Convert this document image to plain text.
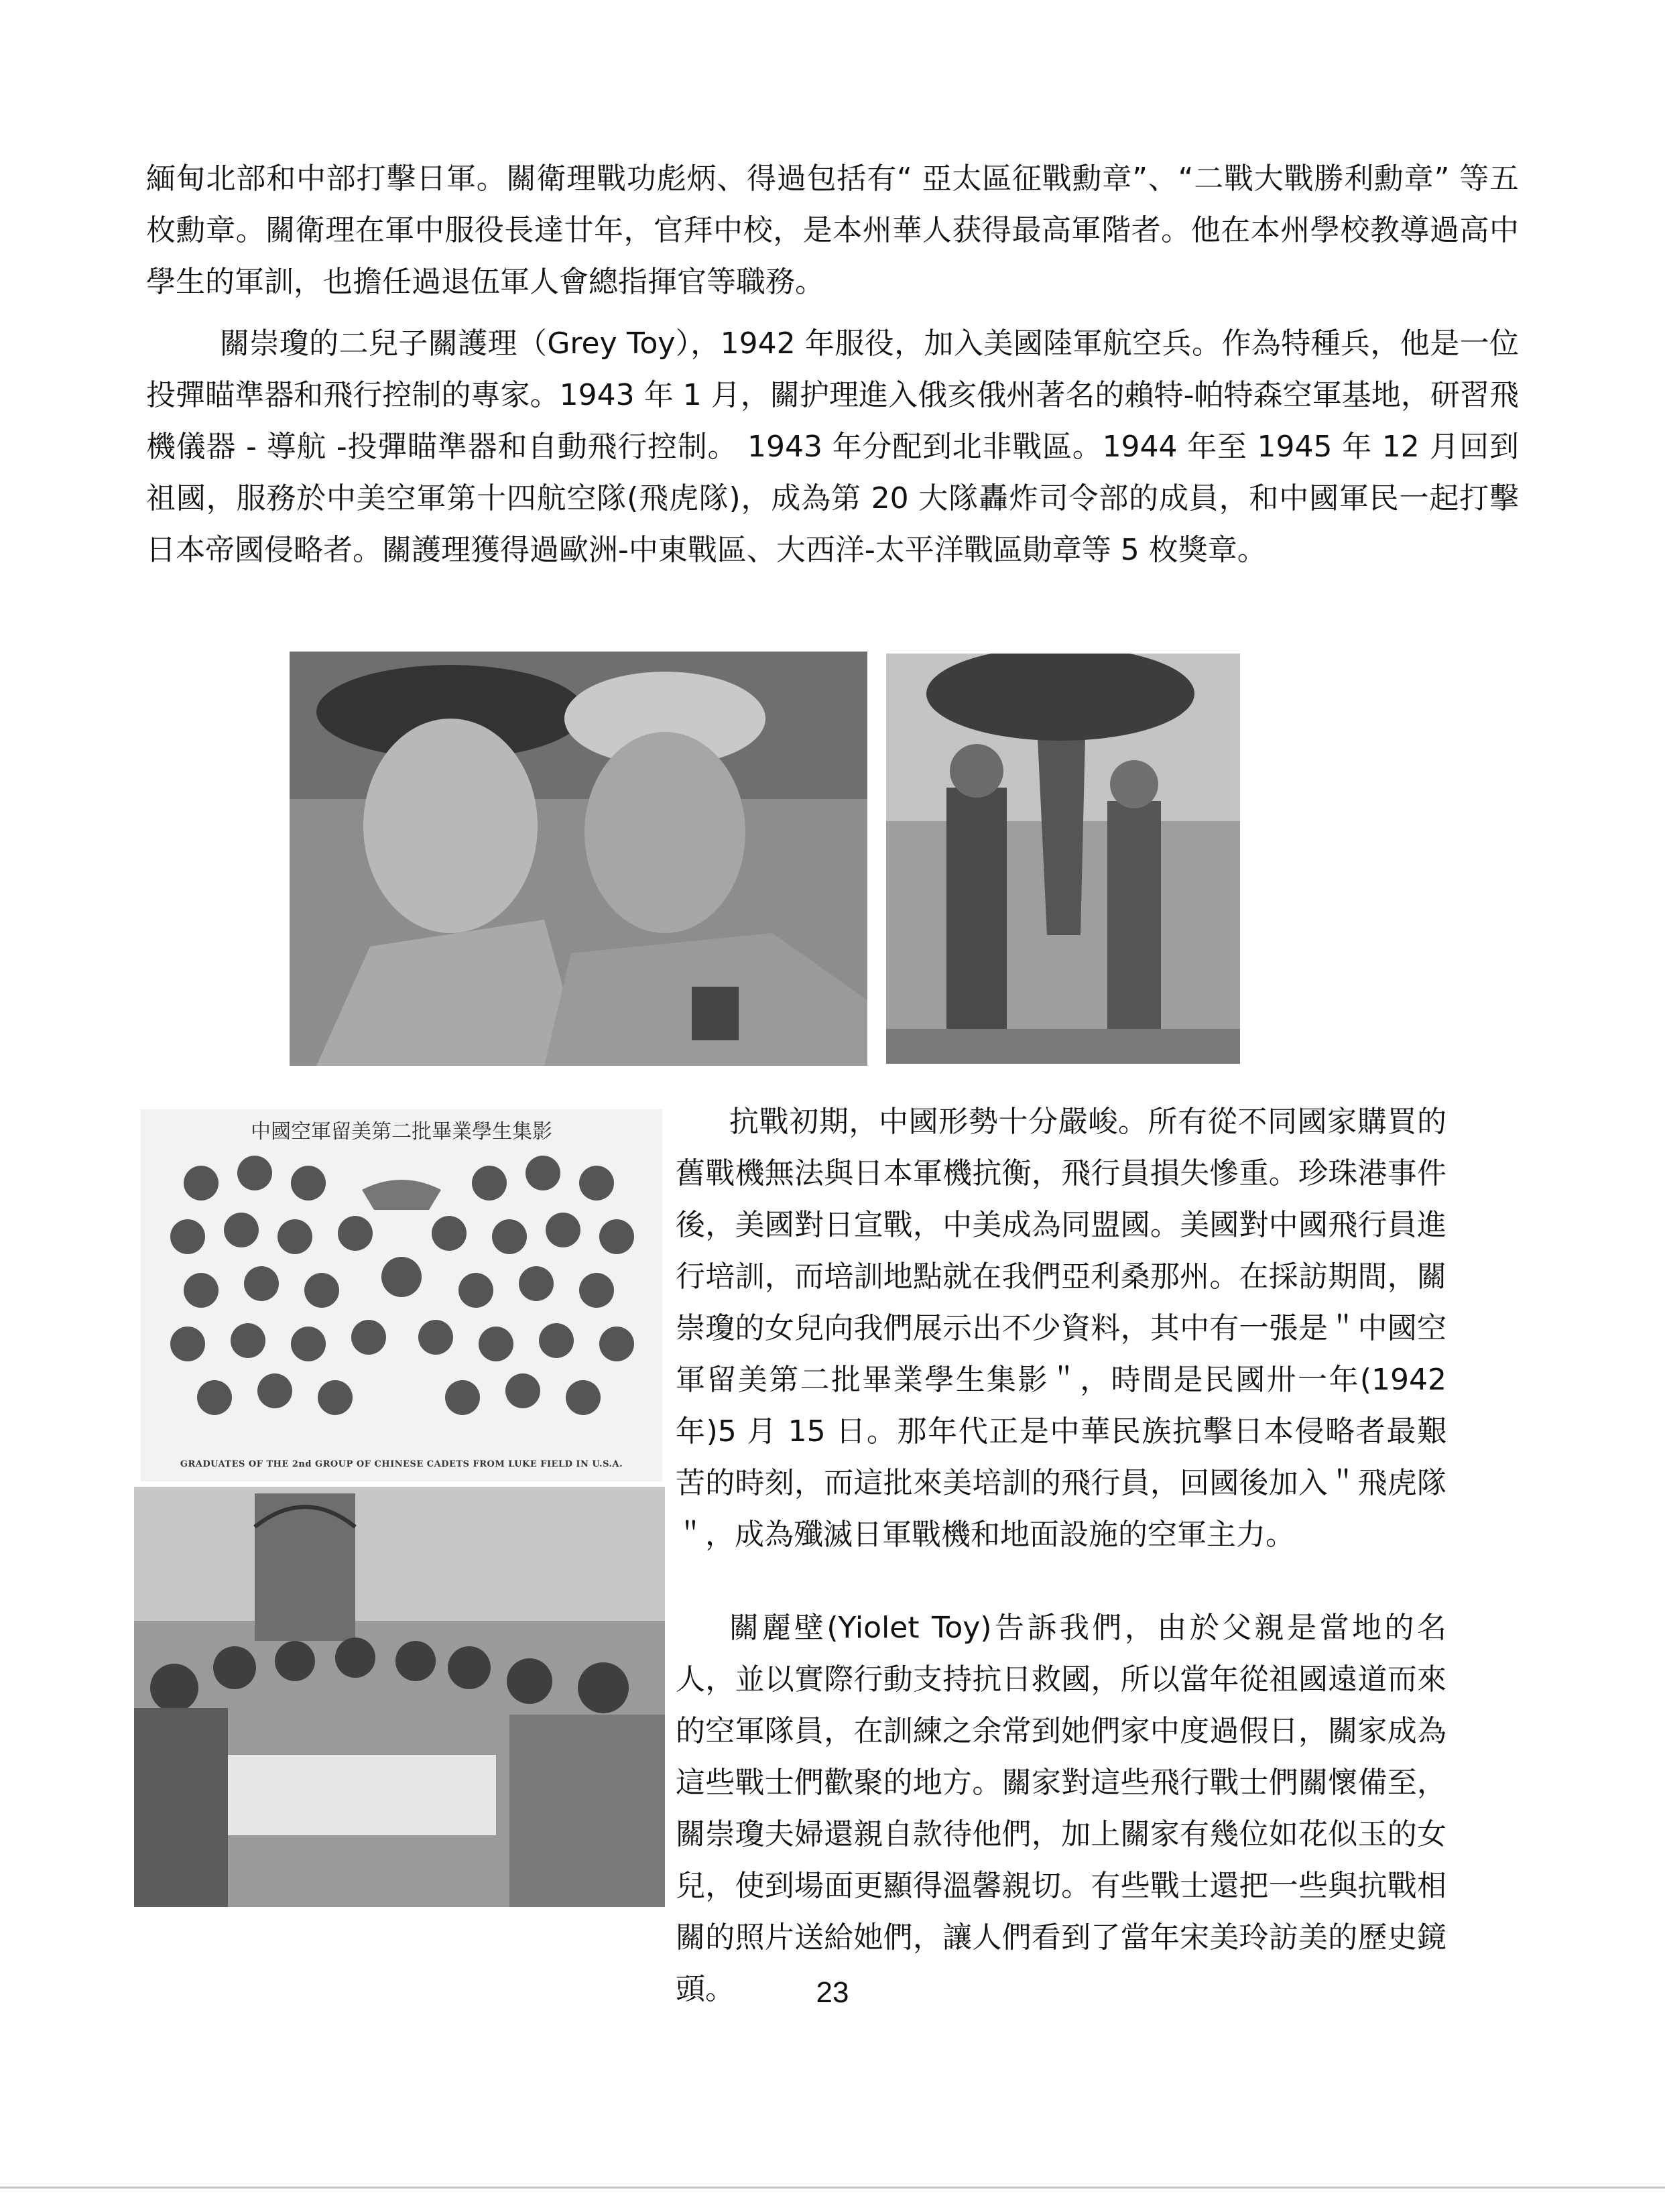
緬甸北部和中部打擊日軍。關衛理戰功彪炳、得過包括有“ 亞太區征戰勳章”、“二戰大戰勝利勳章” 等五枚勳章。關衛理在軍中服役長達廿年，官拜中校，是本州華人获得最高軍階者。他在本州學校教導過高中學生的軍訓，也擔任過退伍軍人會總指揮官等職務。

關崇瓊的二兒子關護理（Grey Toy），1942 年服役，加入美國陸軍航空兵。作為特種兵，他是一位投彈瞄準器和飛行控制的專家。1943 年 1 月，關护理進入俄亥俄州著名的賴特-帕特森空軍基地，研習飛機儀器 - 導航 -投彈瞄準器和自動飛行控制。 1943 年分配到北非戰區。1944 年至 1945 年 12 月回到祖國，服務於中美空軍第十四航空隊(飛虎隊)，成為第 20 大隊轟炸司令部的成員，和中國軍民一起打擊日本帝國侵略者。關護理獲得過歐洲-中東戰區、大西洋-太平洋戰區勛章等 5 枚獎章。

中國空軍留美第二批畢業學生集影
GRADUATES OF THE 2nd GROUP OF CHINESE CADETS FROM LUKE FIELD IN U.S.A.

抗戰初期，中國形勢十分嚴峻。所有從不同國家購買的舊戰機無法與日本軍機抗衡，飛行員損失慘重。珍珠港事件後，美國對日宣戰，中美成為同盟國。美國對中國飛行員進行培訓，而培訓地點就在我們亞利桑那州。在採訪期間，關崇瓊的女兒向我們展示出不少資料，其中有一張是＂中國空軍留美第二批畢業學生集影＂，時間是民國卅一年(1942 年)5 月 15 日。那年代正是中華民族抗擊日本侵略者最艱苦的時刻，而這批來美培訓的飛行員，回國後加入＂飛虎隊＂，成為殲滅日軍戰機和地面設施的空軍主力。

關麗壁(Yiolet Toy)告訴我們，由於父親是當地的名人，並以實際行動支持抗日救國，所以當年從祖國遠道而來的空軍隊員，在訓練之余常到她們家中度過假日，關家成為這些戰士們歡聚的地方。關家對這些飛行戰士們關懷備至，關崇瓊夫婦還親自款待他們，加上關家有幾位如花似玉的女兒，使到場面更顯得溫馨親切。有些戰士還把一些與抗戰相關的照片送給她們，讓人們看到了當年宋美玲訪美的歷史鏡頭。	23
